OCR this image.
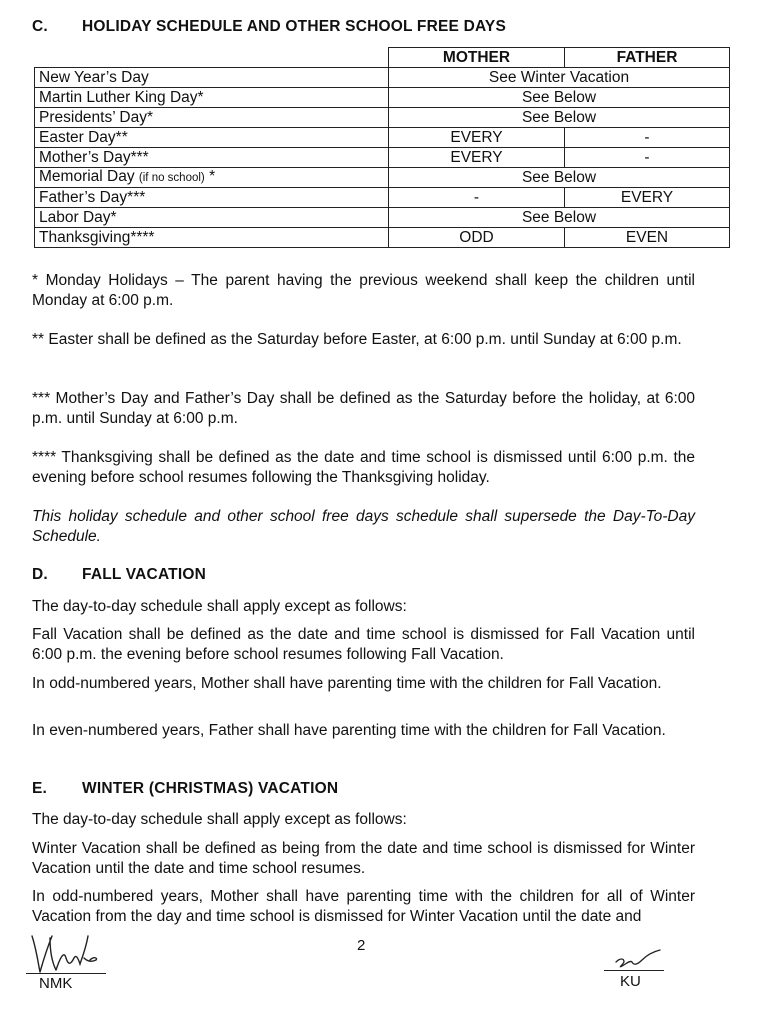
C. HOLIDAY SCHEDULE AND OTHER SCHOOL FREE DAYS
	MOTHER	FATHER
New Year’s Day	See Winter Vacation	
Martin Luther King Day*	See Below	
Presidents’ Day*	See Below	
Easter Day**	EVERY	-
Mother’s Day***	EVERY	-
Memorial Day (if no school) *	See Below	
Father’s Day***	-	EVERY
Labor Day*	See Below	
Thanksgiving****	ODD	EVEN

* Monday Holidays – The parent having the previous weekend shall keep the children until Monday at 6:00 p.m.

** Easter shall be defined as the Saturday before Easter, at 6:00 p.m. until Sunday at 6:00 p.m.

*** Mother’s Day and Father’s Day shall be defined as the Saturday before the holiday, at 6:00 p.m. until Sunday at 6:00 p.m.

**** Thanksgiving shall be defined as the date and time school is dismissed until 6:00 p.m. the evening before school resumes following the Thanksgiving holiday.

This holiday schedule and other school free days schedule shall supersede the Day-To-Day Schedule.

D. FALL VACATION

The day-to-day schedule shall apply except as follows:

Fall Vacation shall be defined as the date and time school is dismissed for Fall Vacation until 6:00 p.m. the evening before school resumes following Fall Vacation.

In odd-numbered years, Mother shall have parenting time with the children for Fall Vacation.

In even-numbered years, Father shall have parenting time with the children for Fall Vacation.

E. WINTER (CHRISTMAS) VACATION

The day-to-day schedule shall apply except as follows:

Winter Vacation shall be defined as being from the date and time school is dismissed for Winter Vacation until the date and time school resumes.

In odd-numbered years, Mother shall have parenting time with the children for all of Winter Vacation from the day and time school is dismissed for Winter Vacation until the date and

2
NMK	KU
